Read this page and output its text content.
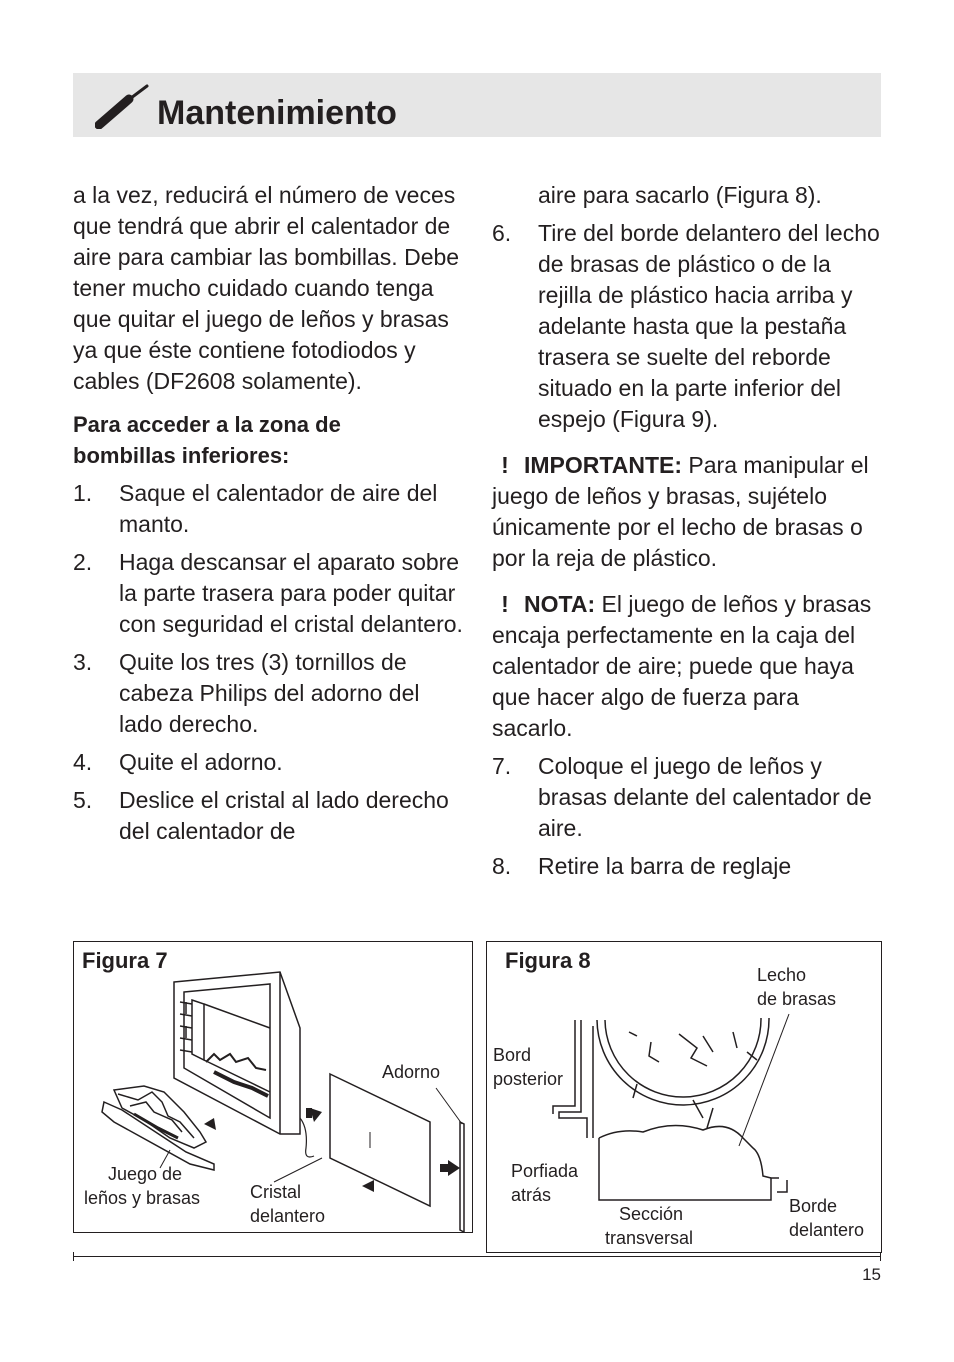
Mantenimiento

a la vez, reducirá el número de veces que tendrá que abrir el calentador de aire para cambiar las bombillas. Debe tener mucho cuidado cuando tenga que quitar el juego de leños y brasas ya que éste contiene fotodiodos y cables (DF2608 solamente).

Para acceder a la zona de
bombillas inferiores:

1. Saque el calentador de aire del manto.

2. Haga descansar el aparato sobre la parte trasera para poder quitar con seguridad el cristal delantero.

3. Quite los tres (3) tornillos de cabeza Philips del adorno del lado derecho.

4. Quite el adorno.

5. Deslice el cristal al lado derecho del calentador de

aire para sacarlo (Figura 8).

6. Tire del borde delantero del lecho de brasas de plástico o de la rejilla de plástico hacia arriba y adelante hasta que la pestaña trasera se suelte del reborde situado en la parte inferior del espejo (Figura 9).

! IMPORTANTE: Para manipular el juego de leños y brasas, sujételo únicamente por el lecho de brasas o por la reja de plástico.

! NOTA: El juego de leños y brasas encaja perfectamente en la caja del calentador de aire; puede que haya que hacer algo de fuerza para sacarlo.

7. Coloque el juego de leños y brasas delante del calentador de aire.

8. Retire la barra de reglaje

Figura 7
Adorno
Juego de
leños y brasas	Cristal
delantero
Figura 8
Lecho
de brasas
Bord
posterior
Porfiada
atrás
Sección
transversal
Borde
delantero
15
